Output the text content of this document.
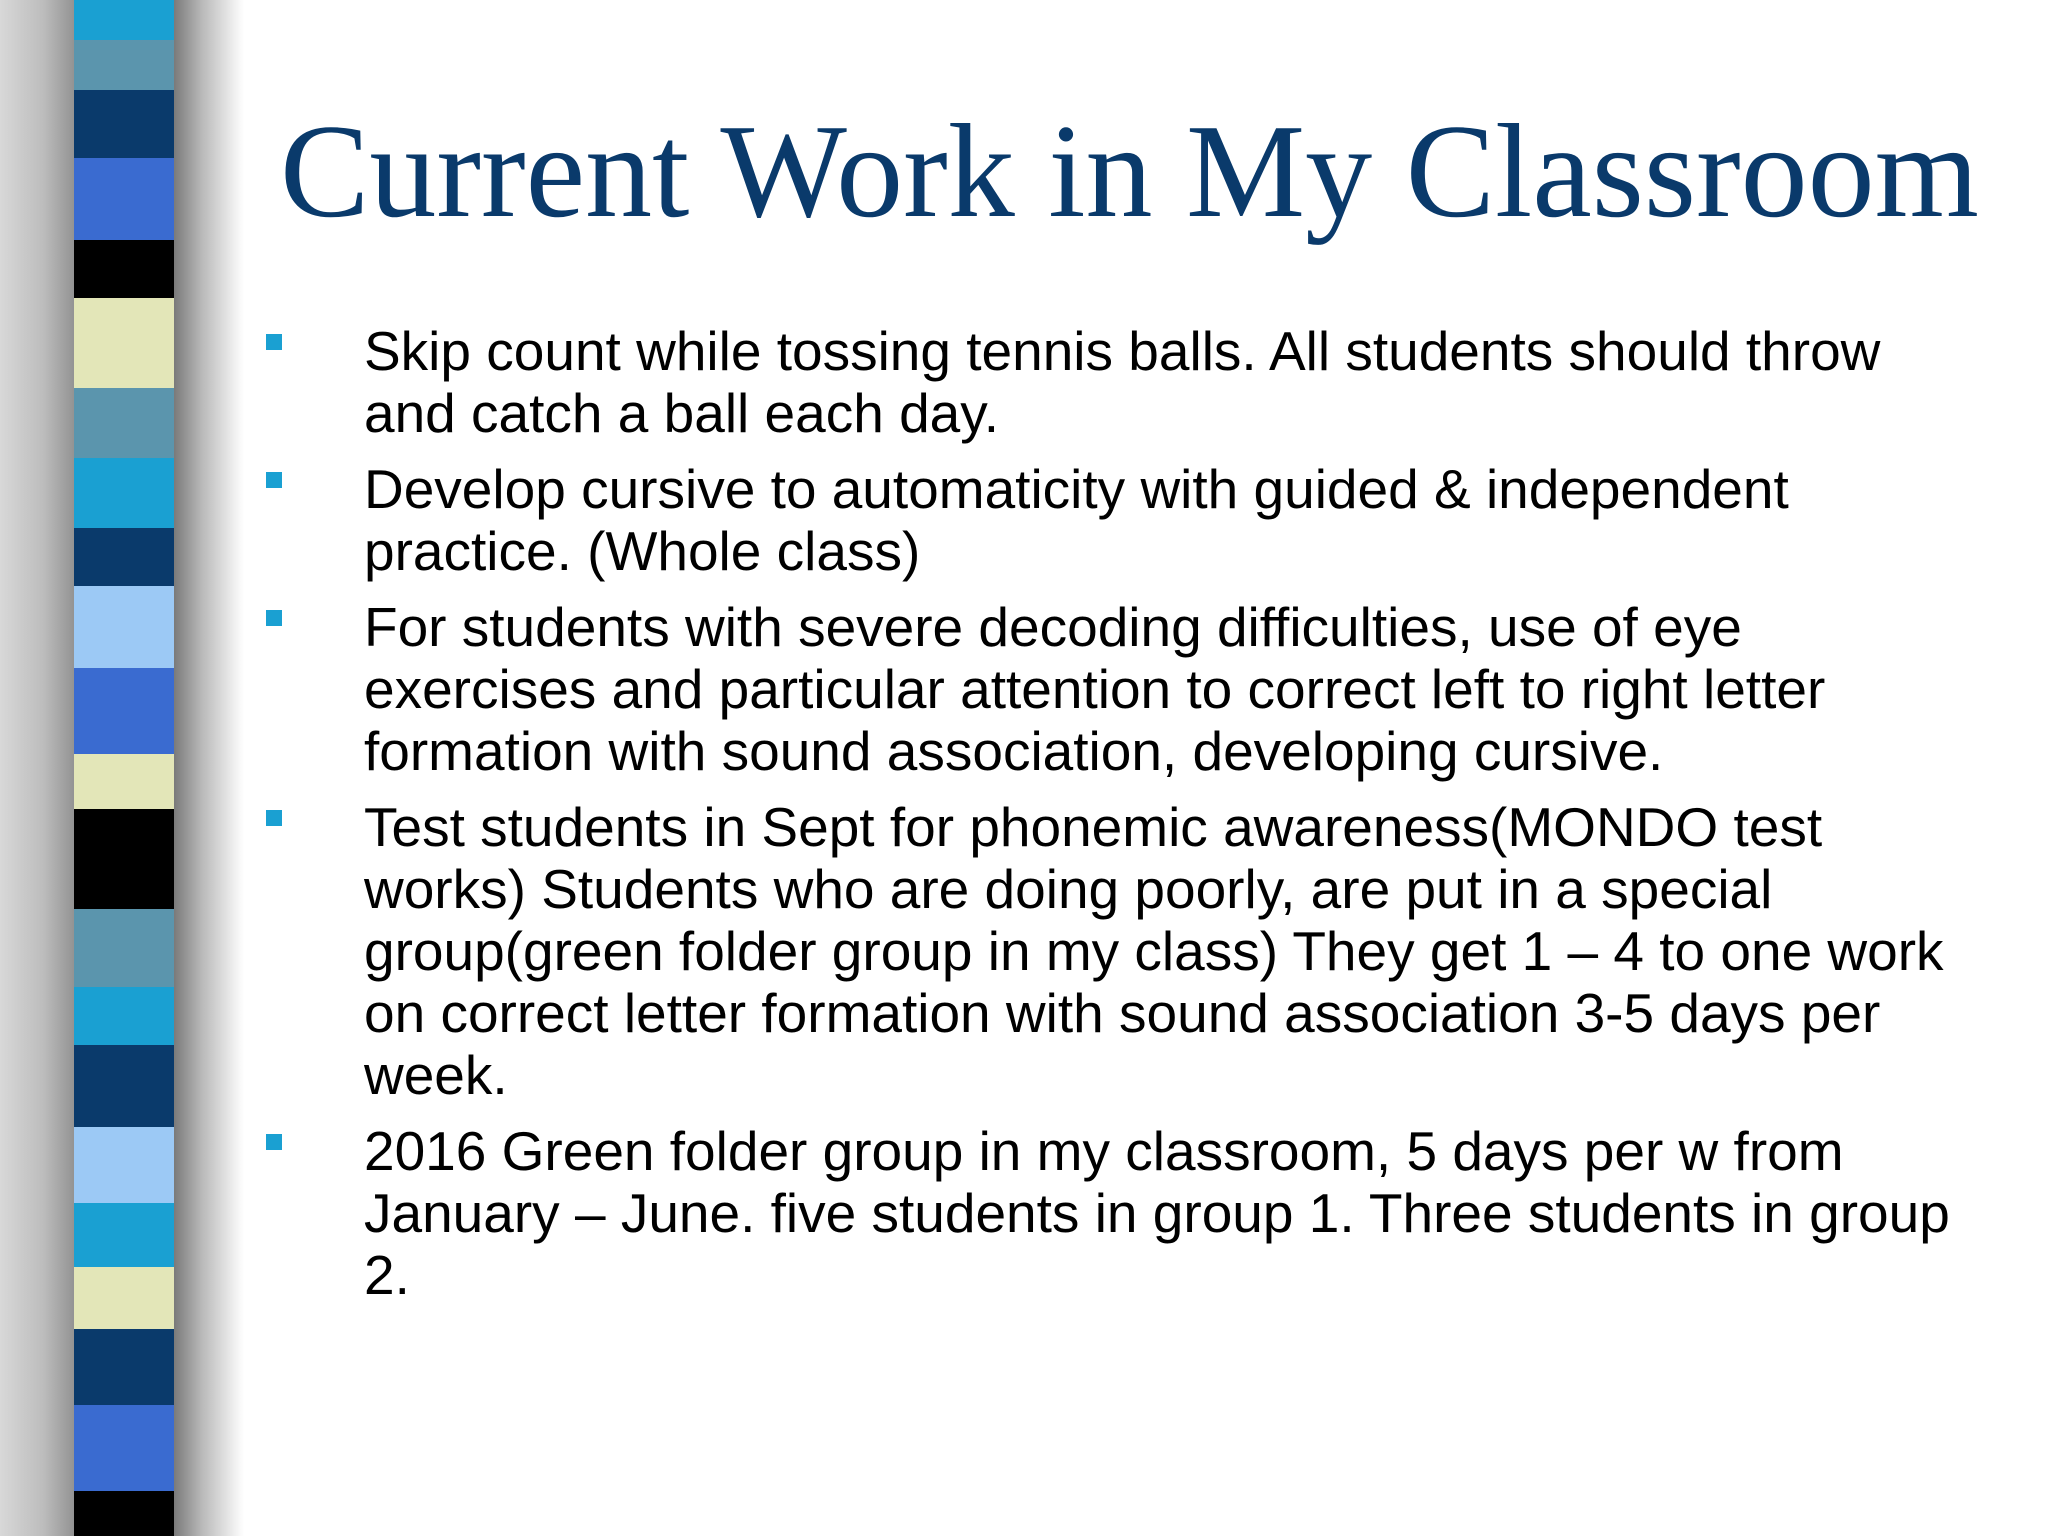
Current Work in My Classroom
Skip count while tossing tennis balls. All students should throw and catch a ball each day.
Develop cursive to automaticity with guided & independent practice. (Whole class)
For students with severe decoding difficulties, use of eye exercises and particular attention to correct left to right letter formation with sound association, developing cursive.
Test students in Sept for phonemic awareness(MONDO test works) Students who are doing poorly, are put in a special group(green folder group in my class) They get 1 – 4 to one work on correct letter formation with sound association 3-5 days per week.
2016 Green folder group in my classroom, 5 days per w from January – June. five students in group 1. Three students in group 2.
